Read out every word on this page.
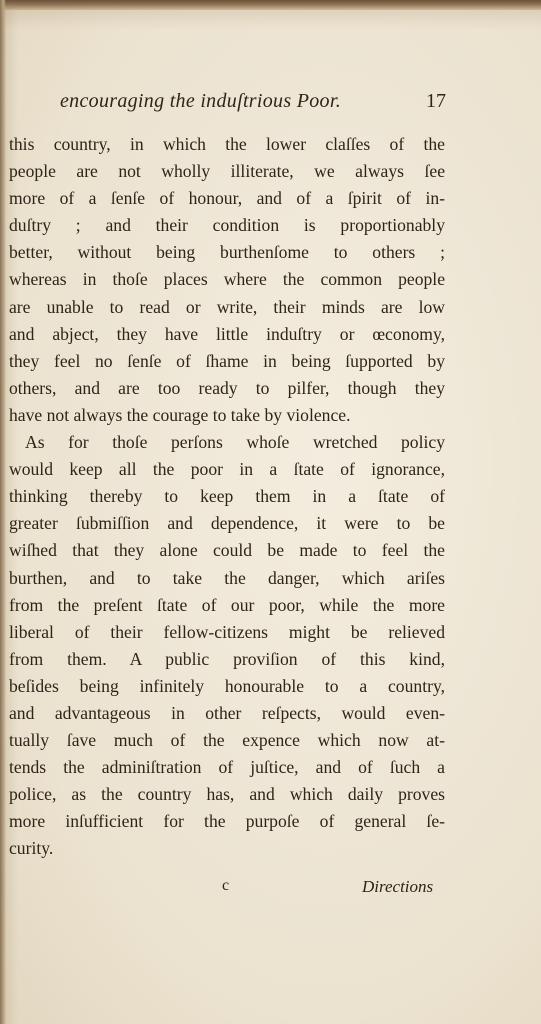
encouraging the induſtrious Poor.	17
this country, in which the lower claſſes of the
people are not wholly illiterate, we always ſee
more of a ſenſe of honour, and of a ſpirit of in-
duſtry ; and their condition is proportionably
better, without being burthenſome to others ;
whereas in thoſe places where the common people
are unable to read or write, their minds are low
and abject, they have little induſtry or œconomy,
they feel no ſenſe of ſhame in being ſupported by
others, and are too ready to pilfer, though they
have not always the courage to take by violence.
As for thoſe perſons whoſe wretched policy
would keep all the poor in a ſtate of ignorance,
thinking thereby to keep them in a ſtate of
greater ſubmiſſion and dependence, it were to be
wiſhed that they alone could be made to feel the
burthen, and to take the danger, which ariſes
from the preſent ſtate of our poor, while the more
liberal of their fellow-citizens might be relieved
from them. A public proviſion of this kind,
beſides being infinitely honourable to a country,
and advantageous in other reſpects, would even-
tually ſave much of the expence which now at-
tends the adminiſtration of juſtice, and of ſuch a
police, as the country has, and which daily proves
more inſufficient for the purpoſe of general ſe-
curity.
c	Directions
